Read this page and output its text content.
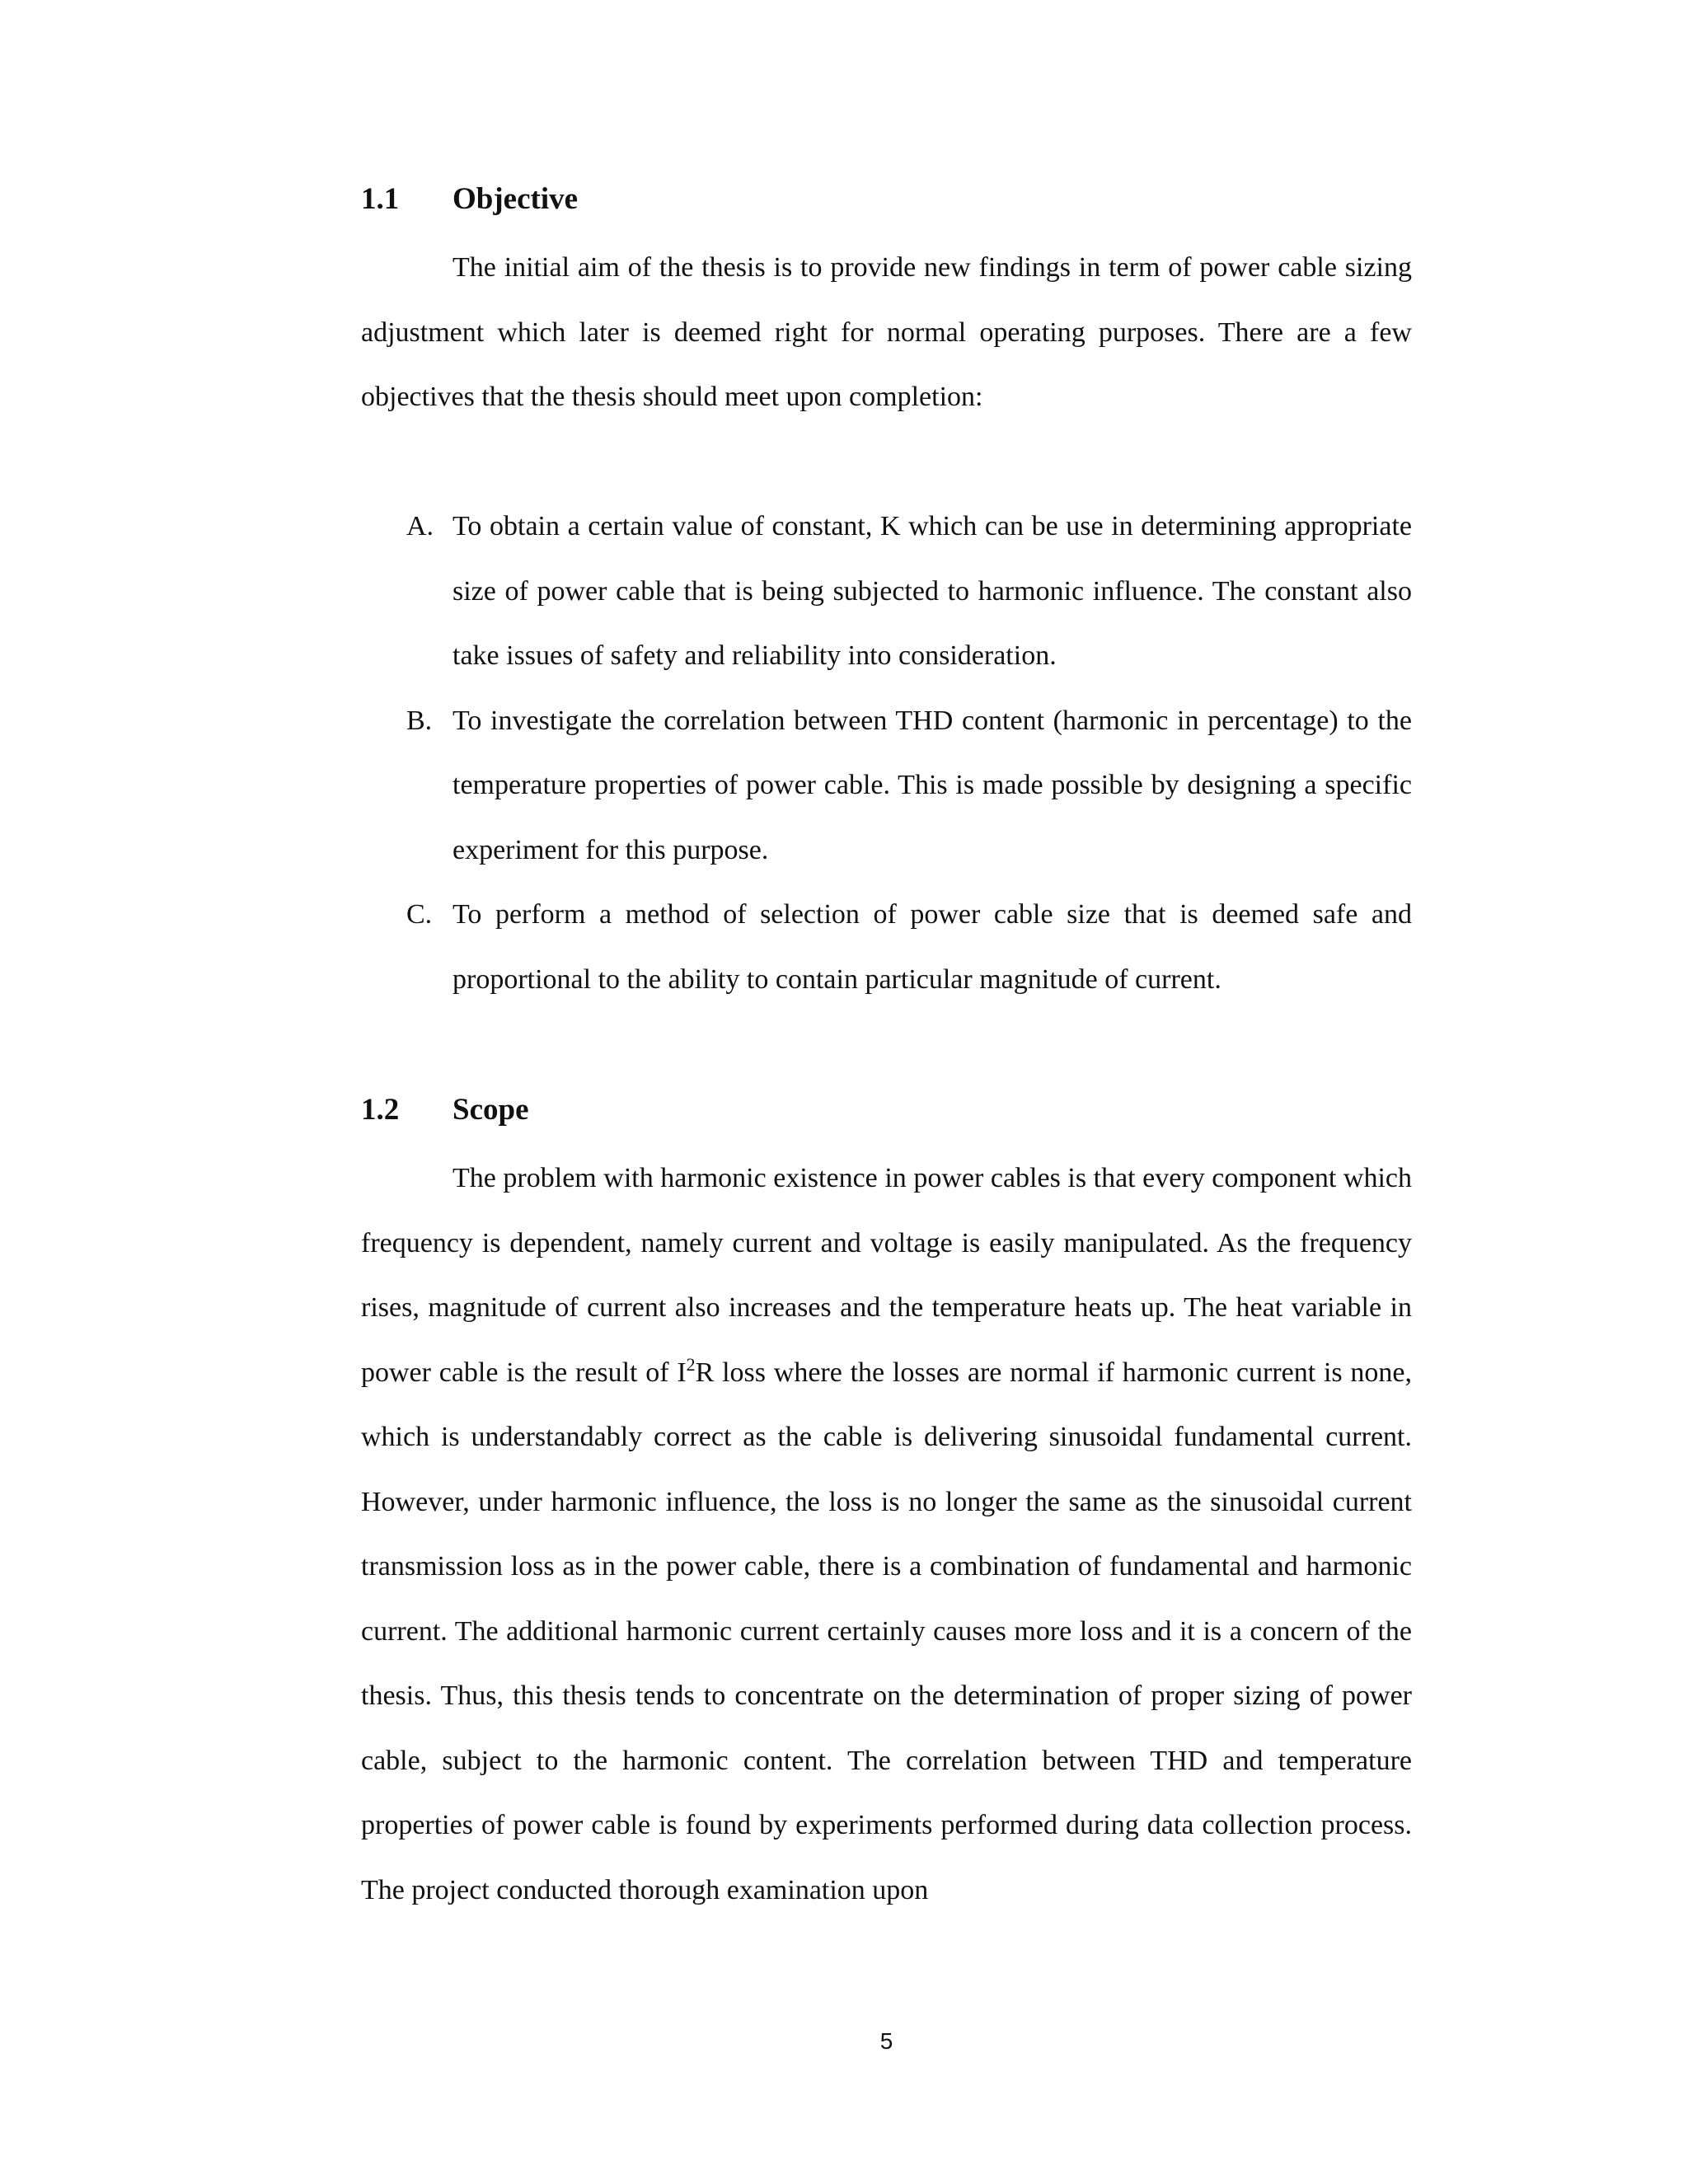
1.1 Objective

The initial aim of the thesis is to provide new findings in term of power cable sizing adjustment which later is deemed right for normal operating purposes. There are a few objectives that the thesis should meet upon completion:

A. To obtain a certain value of constant, K which can be use in determining appropriate size of power cable that is being subjected to harmonic influence. The constant also take issues of safety and reliability into consideration.
B. To investigate the correlation between THD content (harmonic in percentage) to the temperature properties of power cable. This is made possible by designing a specific experiment for this purpose.
C. To perform a method of selection of power cable size that is deemed safe and proportional to the ability to contain particular magnitude of current.
1.2 Scope

The problem with harmonic existence in power cables is that every component which frequency is dependent, namely current and voltage is easily manipulated. As the frequency rises, magnitude of current also increases and the temperature heats up. The heat variable in power cable is the result of $I^2R$ loss where the losses are normal if harmonic current is none, which is understandably correct as the cable is delivering sinusoidal fundamental current. However, under harmonic influence, the loss is no longer the same as the sinusoidal current transmission loss as in the power cable, there is a combination of fundamental and harmonic current. The additional harmonic current certainly causes more loss and it is a concern of the thesis. Thus, this thesis tends to concentrate on the determination of proper sizing of power cable, subject to the harmonic content. The correlation between THD and temperature properties of power cable is found by experiments performed during data collection process. The project conducted thorough examination upon

5
